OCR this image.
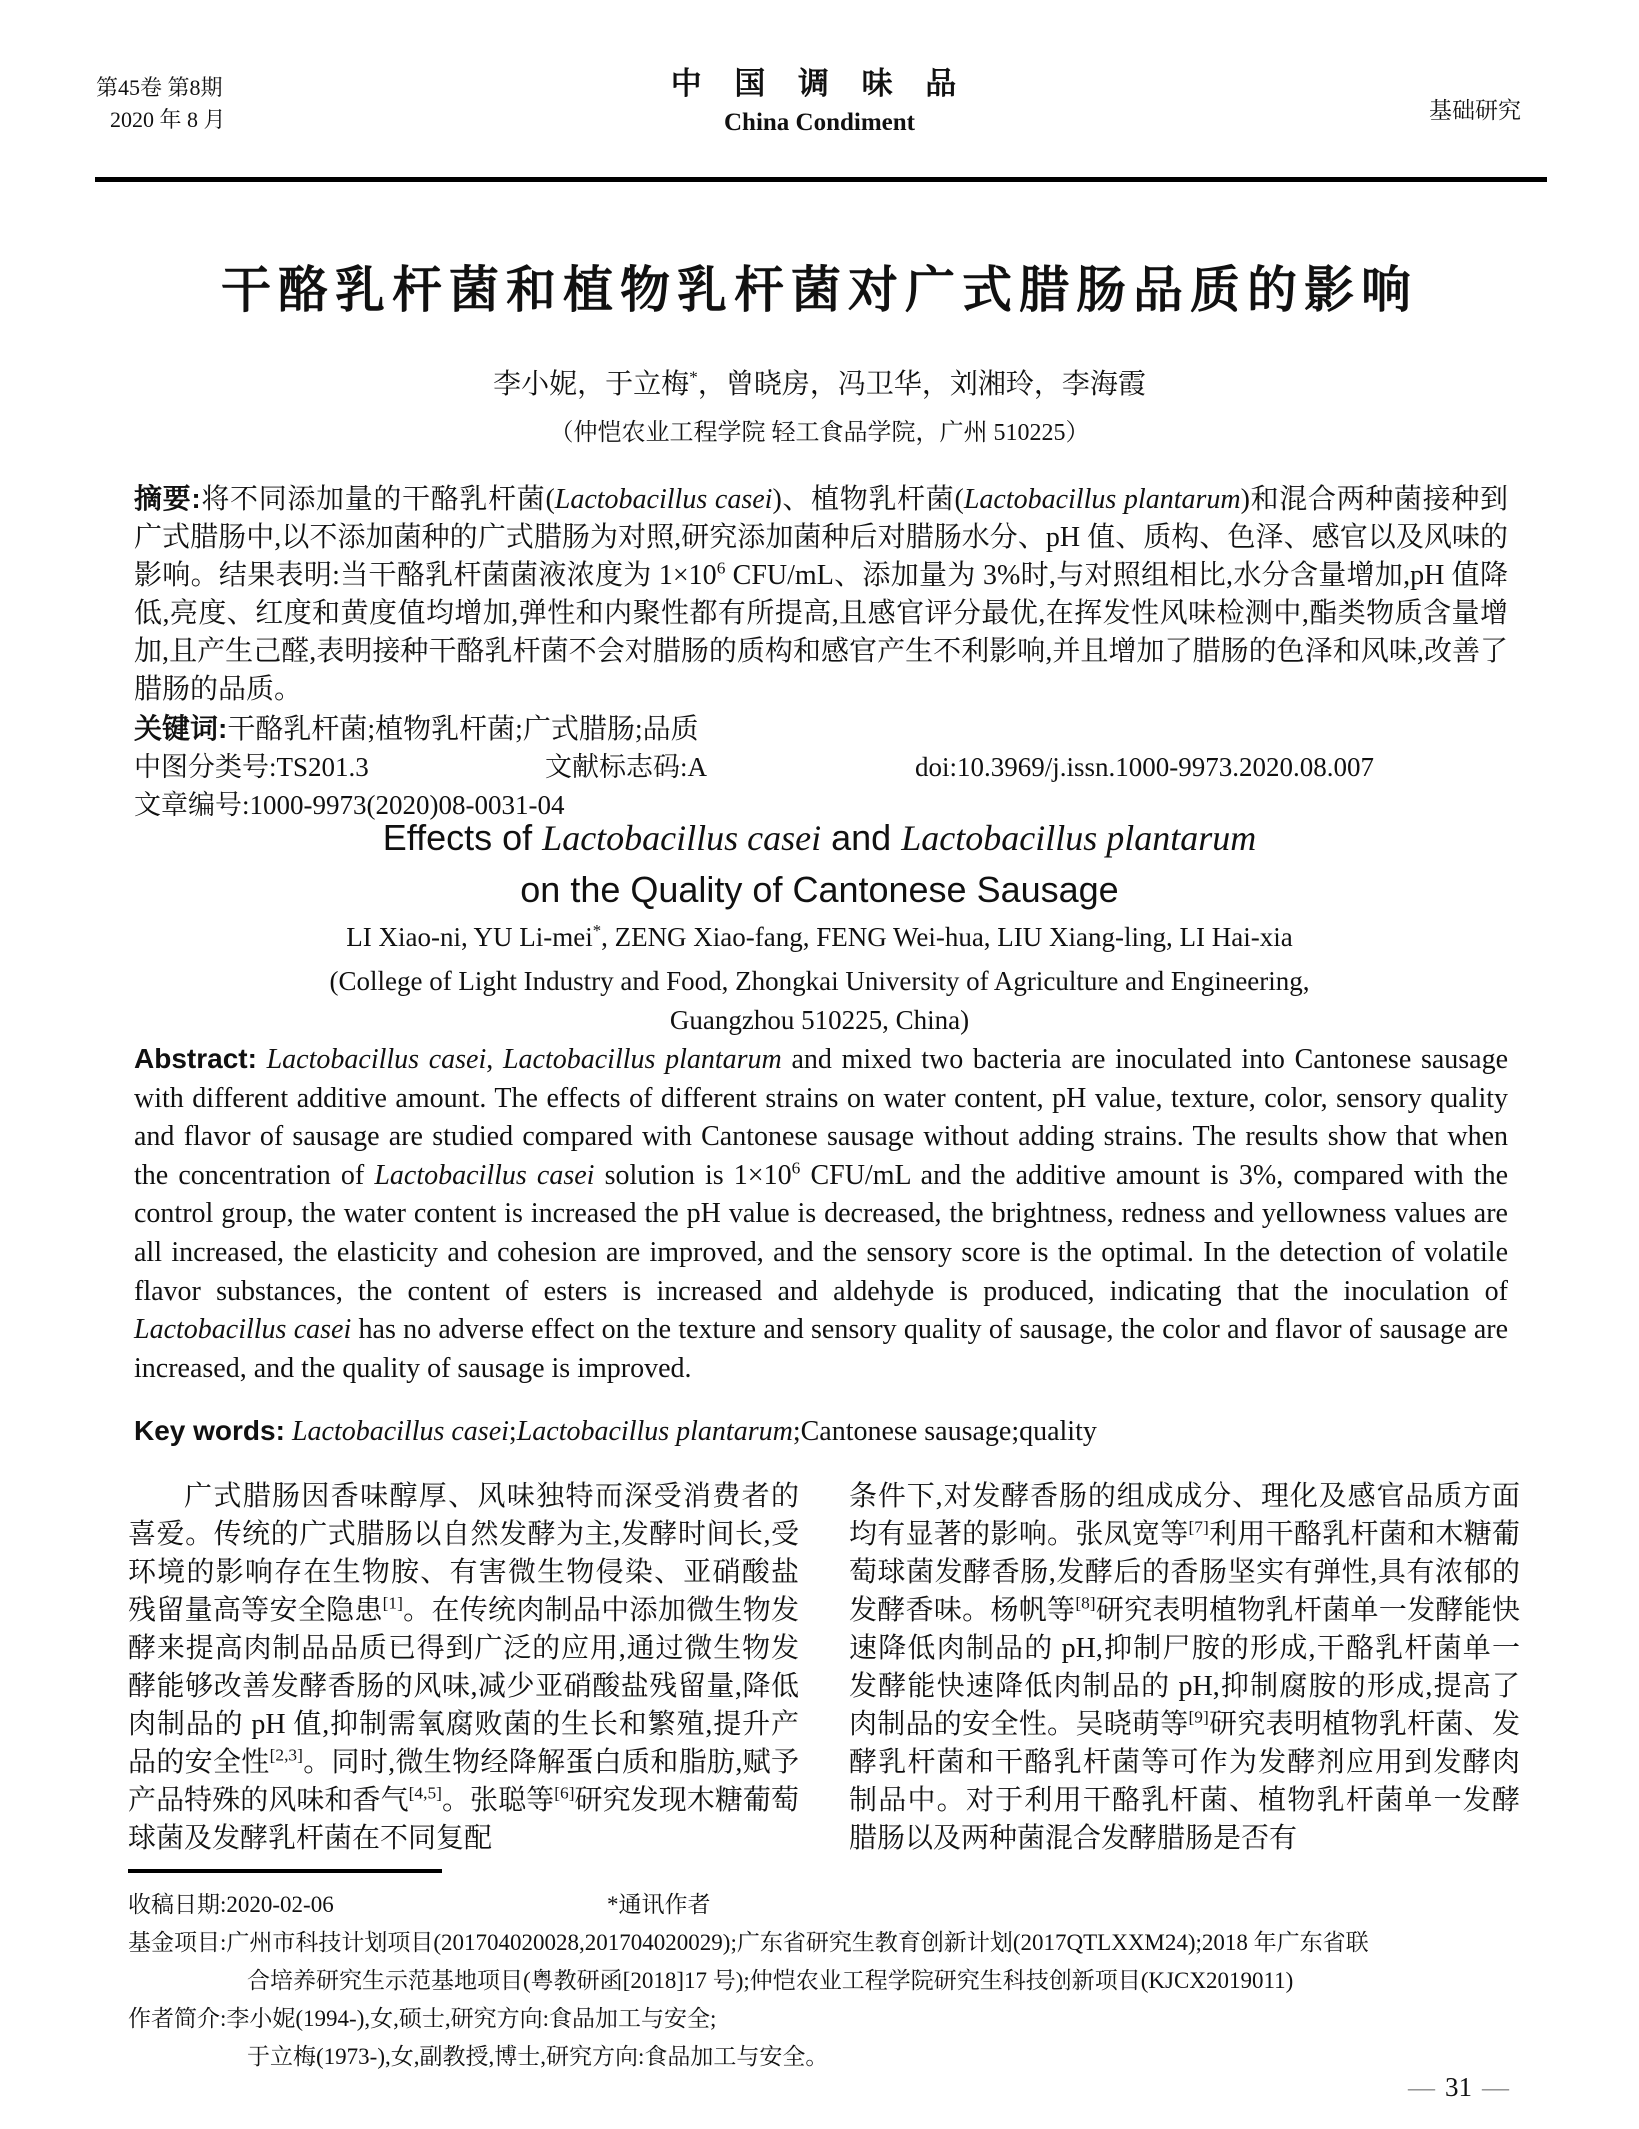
第45卷 第8期
2020 年 8 月
中 国 调 味 品
China Condiment	基础研究
干酪乳杆菌和植物乳杆菌对广式腊肠品质的影响
李小妮，于立梅*，曾晓房，冯卫华，刘湘玲，李海霞
（仲恺农业工程学院 轻工食品学院，广州 510225）
摘要:将不同添加量的干酪乳杆菌(Lactobacillus casei)、植物乳杆菌(Lactobacillus plantarum)和混合两种菌接种到广式腊肠中,以不添加菌种的广式腊肠为对照,研究添加菌种后对腊肠水分、pH 值、质构、色泽、感官以及风味的影响。结果表明:当干酪乳杆菌菌液浓度为 $1\times 10^6$ CFU/mL、添加量为 3%时,与对照组相比,水分含量增加,pH 值降低,亮度、红度和黄度值均增加,弹性和内聚性都有所提高,且感官评分最优,在挥发性风味检测中,酯类物质含量增加,且产生己醛,表明接种干酪乳杆菌不会对腊肠的质构和感官产生不利影响,并且增加了腊肠的色泽和风味,改善了腊肠的品质。
关键词:干酪乳杆菌;植物乳杆菌;广式腊肠;品质
中图分类号:TS201.3	文献标志码:A	doi:10.3969/j.issn.1000-9973.2020.08.007
文章编号:1000-9973(2020)08-0031-04
Effects of Lactobacillus casei and Lactobacillus plantarum
on the Quality of Cantonese Sausage
LI Xiao-ni, YU Li-mei*, ZENG Xiao-fang, FENG Wei-hua, LIU Xiang-ling, LI Hai-xia
(College of Light Industry and Food, Zhongkai University of Agriculture and Engineering,
Guangzhou 510225, China)
Abstract: Lactobacillus casei, Lactobacillus plantarum and mixed two bacteria are inoculated into Cantonese sausage with different additive amount. The effects of different strains on water content, pH value, texture, color, sensory quality and flavor of sausage are studied compared with Cantonese sausage without adding strains. The results show that when the concentration of Lactobacillus casei solution is $1\times 10^6$ CFU/mL and the additive amount is 3%, compared with the control group, the water content is increased the pH value is decreased, the brightness, redness and yellowness values are all increased, the elasticity and cohesion are improved, and the sensory score is the optimal. In the detection of volatile flavor substances, the content of esters is increased and aldehyde is produced, indicating that the inoculation of Lactobacillus casei has no adverse effect on the texture and sensory quality of sausage, the color and flavor of sausage are increased, and the quality of sausage is improved.
Key words: Lactobacillus casei;Lactobacillus plantarum;Cantonese sausage;quality

广式腊肠因香味醇厚、风味独特而深受消费者的喜爱。传统的广式腊肠以自然发酵为主,发酵时间长,受环境的影响存在生物胺、有害微生物侵染、亚硝酸盐残留量高等安全隐患[1]。在传统肉制品中添加微生物发酵来提高肉制品品质已得到广泛的应用,通过微生物发酵能够改善发酵香肠的风味,减少亚硝酸盐残留量,降低肉制品的 pH 值,抑制需氧腐败菌的生长和繁殖,提升产品的安全性[2,3]。同时,微生物经降解蛋白质和脂肪,赋予产品特殊的风味和香气[4,5]。张聪等[6]研究发现木糖葡萄球菌及发酵乳杆菌在不同复配

条件下,对发酵香肠的组成成分、理化及感官品质方面均有显著的影响。张凤宽等[7]利用干酪乳杆菌和木糖葡萄球菌发酵香肠,发酵后的香肠坚实有弹性,具有浓郁的发酵香味。杨帆等[8]研究表明植物乳杆菌单一发酵能快速降低肉制品的 pH,抑制尸胺的形成,干酪乳杆菌单一发酵能快速降低肉制品的 pH,抑制腐胺的形成,提高了肉制品的安全性。吴晓萌等[9]研究表明植物乳杆菌、发酵乳杆菌和干酪乳杆菌等可作为发酵剂应用到发酵肉制品中。对于利用干酪乳杆菌、植物乳杆菌单一发酵腊肠以及两种菌混合发酵腊肠是否有

收稿日期:2020-02-06	*通讯作者
基金项目:广州市科技计划项目(201704020028,201704020029);广东省研究生教育创新计划(2017QTLXXM24);2018 年广东省联
合培养研究生示范基地项目(粤教研函[2018]17 号);仲恺农业工程学院研究生科技创新项目(KJCX2019011)
作者简介:李小妮(1994-),女,硕士,研究方向:食品加工与安全;
于立梅(1973-),女,副教授,博士,研究方向:食品加工与安全。
— 31 —
